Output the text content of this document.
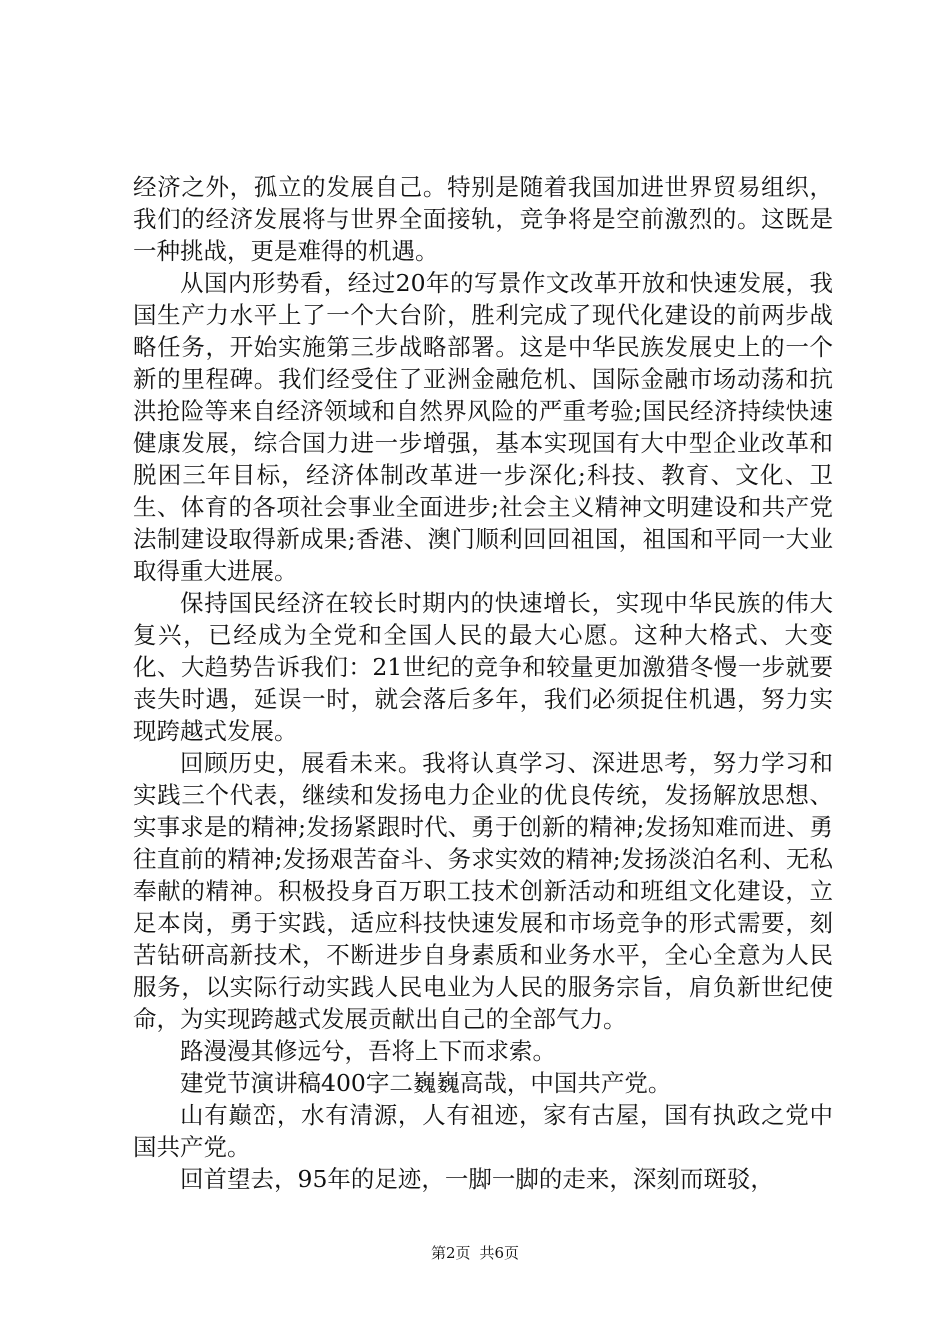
经济之外，孤立的发展自己。特别是随着我国加进世界贸易组织，我们的经济发展将与世界全面接轨，竞争将是空前激烈的。这既是一种挑战，更是难得的机遇。

从国内形势看，经过20年的写景作文改革开放和快速发展，我国生产力水平上了一个大台阶，胜利完成了现代化建设的前两步战略任务，开始实施第三步战略部署。这是中华民族发展史上的一个新的里程碑。我们经受住了亚洲金融危机、国际金融市场动荡和抗洪抢险等来自经济领域和自然界风险的严重考验;国民经济持续快速健康发展，综合国力进一步增强，基本实现国有大中型企业改革和脱困三年目标，经济体制改革进一步深化;科技、教育、文化、卫生、体育的各项社会事业全面进步;社会主义精神文明建设和共产党法制建设取得新成果;香港、澳门顺利回回祖国，祖国和平同一大业取得重大进展。

保持国民经济在较长时期内的快速增长，实现中华民族的伟大复兴，已经成为全党和全国人民的最大心愿。这种大格式、大变化、大趋势告诉我们：21世纪的竞争和较量更加激猎冬慢一步就要丧失时遇，延误一时，就会落后多年，我们必须捉住机遇，努力实现跨越式发展。

回顾历史，展看未来。我将认真学习、深进思考，努力学习和实践三个代表，继续和发扬电力企业的优良传统，发扬解放思想、实事求是的精神;发扬紧跟时代、勇于创新的精神;发扬知难而进、勇往直前的精神;发扬艰苦奋斗、务求实效的精神;发扬淡泊名利、无私奉献的精神。积极投身百万职工技术创新活动和班组文化建设，立足本岗，勇于实践，适应科技快速发展和市场竞争的形式需要，刻苦钻研高新技术，不断进步自身素质和业务水平，全心全意为人民服务，以实际行动实践人民电业为人民的服务宗旨，肩负新世纪使命，为实现跨越式发展贡献出自己的全部气力。

路漫漫其修远兮，吾将上下而求索。

建党节演讲稿400字二巍巍高哉，中国共产党。

山有巅峦，水有清源，人有祖迹，家有古屋，国有执政之党中国共产党。

回首望去，95年的足迹，一脚一脚的走来，深刻而斑驳，

第2页 共6页
